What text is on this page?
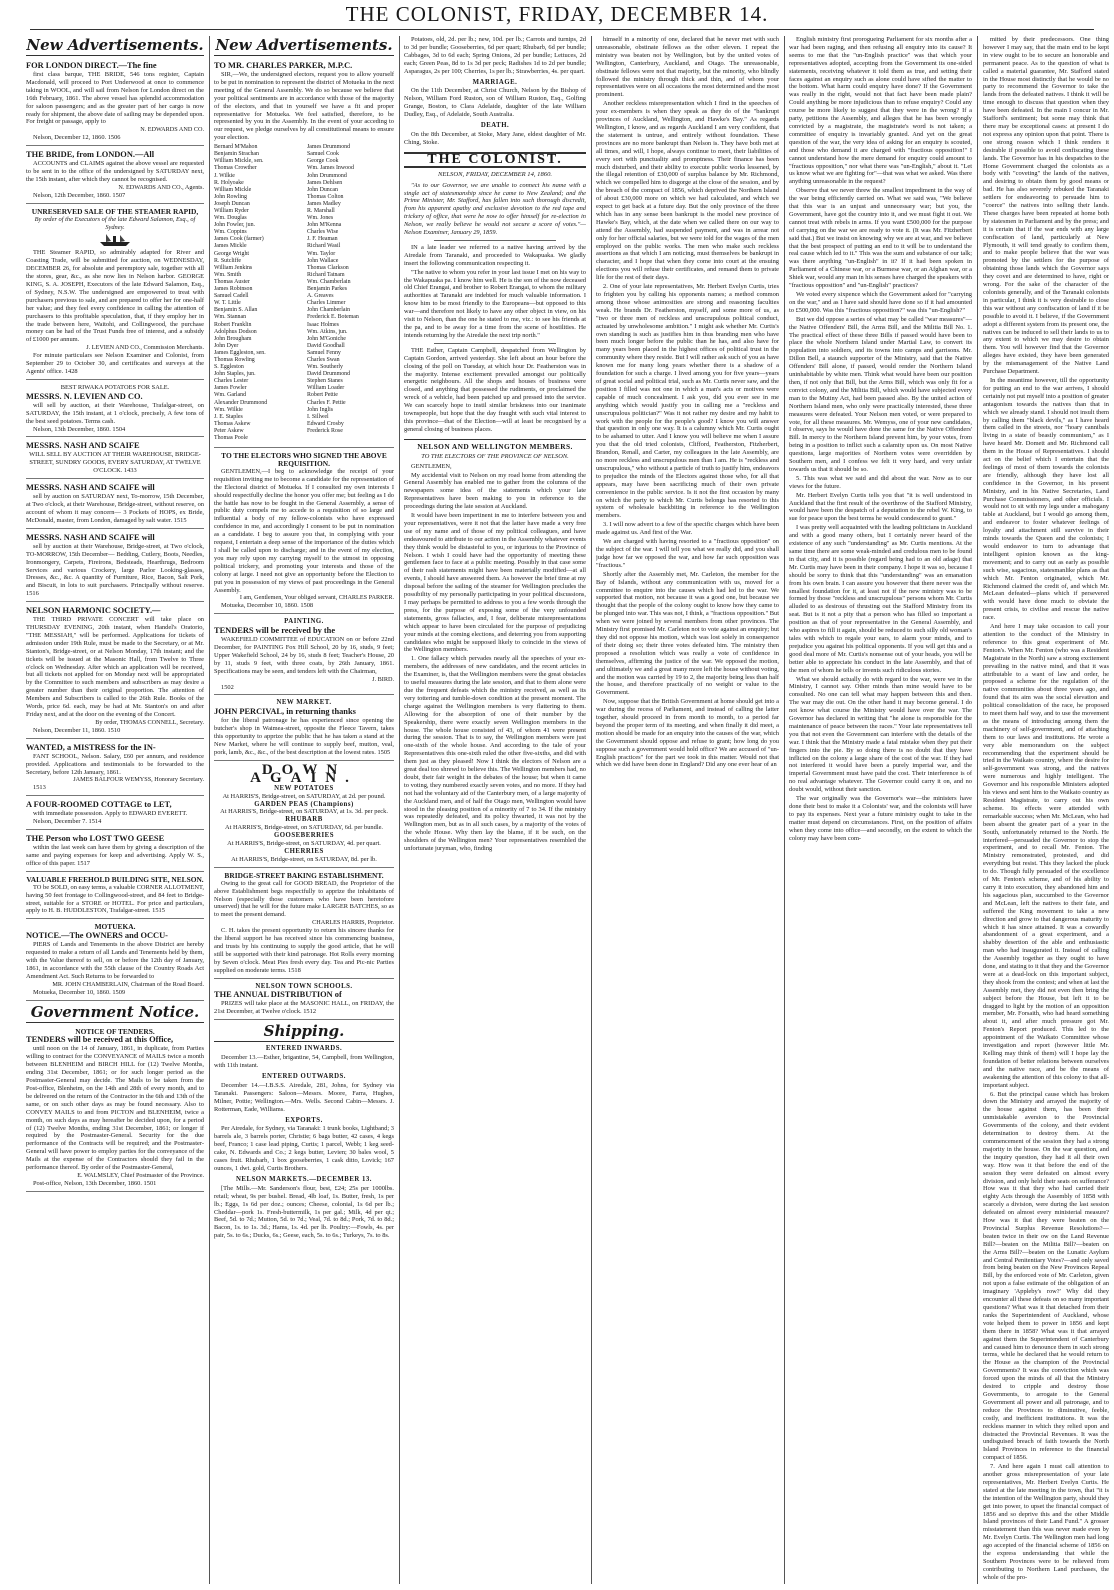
THE COLONIST, FRIDAY, DECEMBER 14.
New Advertisements.

FOR LONDON DIRECT.—The fine

first class barque, THE BRIDE, 546 tons register, Captain Macdonald, will proceed to Port Underwood at once to commence taking in WOOL, and will sail from Nelson for London direct on the 16th February, 1861. The above vessel has splendid accommodation for saloon passengers; and as the greater part of her cargo is now ready for shipment, the above date of sailing may be depended upon. For freight or passage, apply to

N. EDWARDS AND CO.

Nelson, December 12, 1860. 1506

THE BRIDE, from LONDON.—All

ACCOUNTS and CLAIMS against the above vessel are requested to be sent in to the office of the undersigned by SATURDAY next, the 15th instant, after which they cannot be recognised.

N. EDWARDS AND CO., Agents.

Nelson, 12th December, 1860. 1507

UNRESERVED SALE OF THE STEAMER RAPID,

By order of the Executors of the late Edward Salamon, Esq., of Sydney.

THE Steamer RAPID, so admirably adapted for River and Coasting Trade, will be submitted for auction, on WEDNESDAY, DECEMBER 26, for absolute and peremptory sale, together with all the stores, gear, &c., as she now lies in Nelson harbor. GEORGE KING, S. A. JOSEPH, Executors of the late Edward Salamon, Esq., of Sydney, N.S.W. The undersigned are empowered to treat with purchasers previous to sale, and are prepared to offer her for one-half her value; and they feel every confidence in calling the attention of purchasers to this profitable speculation, that, if they employ her in the trade between here, Waitohi, and Collingwood, the purchase money can be had of the Trust Funds free of interest, and a subsidy of £1000 per annum.

J. LEVIEN AND CO., Commission Merchants.

For minute particulars see Nelson Examiner and Colonist, from September 29 to October 30, and certificates and surveys at the Agents' office. 1428

BEST RIWAKA POTATOES FOR SALE.

MESSRS. N. LEVIEN AND CO.

will sell by auction, at their Warehouse, Trafalgar-street, on SATURDAY, the 15th instant, at 1 o'clock, precisely, A few tons of the best seed potatoes. Terms cash.

Nelson, 13th December, 1860. 1504

MESSRS. NASH AND SCAIFE

WILL SELL BY AUCTION AT THEIR WAREHOUSE, BRIDGE-STREET, SUNDRY GOODS, EVERY SATURDAY, AT TWELVE O'CLOCK. 1433

MESSRS. NASH AND SCAIFE will

sell by auction on SATURDAY next, To-morrow, 15th December, at Two o'clock, at their Warehouse, Bridge-street, without reserve, on account of whom it may concern— 3 Pockets of HOPS, ex Bride, McDonald, master, from London, damaged by salt water. 1515

MESSRS. NASH AND SCAIFE will

sell by auction at their Warehouse, Bridge-street, at Two o'clock, TO-MORROW, 15th December— Bedding, Cutlery, Boots, Needles, Ironmongery, Carpets, Fireirons, Bedsteads, Hearthrugs, Bedroom Services and various Crockery, large Parlor Looking-glasses, Dresses, &c., &c. A quantity of Furniture, Rice, Bacon, Salt Pork, and Biscuit, in lots to suit purchasers. Principally without reserve. 1516

NELSON HARMONIC SOCIETY.—

THE THIRD PRIVATE CONCERT will take place on THURSDAY EVENING, 20th instant, when Handel's Oratorio, "THE MESSIAH," will be performed. Applications for tickets of admission under 19th Rule, must be made to the Secretary, or at Mr. Stanton's, Bridge-street, or at Nelson Monday, 17th instant; and the tickets will be issued at the Masonic Hall, from Twelve to Three o'clock on Wednesday. After which an application will be received, but all tickets not applied for on Monday next will be appropriated by the Committee to such members and subscribers as may desire a greater number than their original proportion. The attention of Members and Subscribers is called to the 26th Rule. Books of the Words, price 6d. each, may be had at Mr. Stanton's on and after Friday next, and at the door on the evening of the Concert.

By order, THOMAS CONNELL, Secretary.

Nelson, December 11, 1860. 1510

WANTED, a MISTRESS for the IN-

FANT SCHOOL, Nelson. Salary, £60 per annum, and residence provided. Applications and testimonials to be forwarded to the Secretary, before 12th January, 1861.

JAMES BALFOUR WEMYSS, Honorary Secretary.

1513

A FOUR-ROOMED COTTAGE to LET,

with immediate possession. Apply to EDWARD EVERETT.

Nelson, December 7. 1514

THE Person who LOST TWO GEESE

within the last week can have them by giving a description of the same and paying expenses for keep and advertising. Apply W. S., office of this paper. 1517

VALUABLE FREEHOLD BUILDING SITE, NELSON.

TO be SOLD, on easy terms, a valuable CORNER ALLOTMENT, having 50 feet frontage to Collingwood-street, and 84 feet to Bridge-street, suitable for a STORE or HOTEL. For price and particulars, apply to H. B. HUDDLESTON, Trafalgar-street. 1515

MOTUEKA.

NOTICE.—The OWNERS and OCCU-

PIERS of Lands and Tenements in the above District are hereby requested to make a return of all Lands and Tenements held by them, with the Value thereof to sell, on or before the 12th day of January, 1861, in accordance with the 55th clause of the Country Roads Act Amendment Act. Such Returns to be forwarded to

MR. JOHN CHAMBERLAIN, Chairman of the Road Board.

Motueka, December 10, 1860. 1509

Government Notice.

NOTICE OF TENDERS.

TENDERS will be received at this Office,

until noon on the 14 of January, 1861, in duplicate, from Parties willing to contract for the CONVEYANCE of MAILS twice a month between BLENHEIM and BIRCH HILL for (12) Twelve Months, ending 31st December, 1861; or for such longer period as the Postmaster-General may decide. The Mails to be taken from the Post-office, Blenheim, on the 14th and 28th of every month, and to be delivered on the return of the Contractor in the 6th and 13th of the same, or on such other days as may be found necessary. Also to CONVEY MAILS to and from PICTON and BLENHEIM, twice a month, on such days as may hereafter be decided upon, for a period of (12) Twelve Months, ending 31st December, 1861; or longer if required by the Postmaster-General. Security for the due performance of the Contracts will be required; and the Postmaster-General will have power to employ parties for the conveyance of the Mails at the expense of the Contractors should they fail in the performance thereof. By order of the Postmaster-General,

E. WALMSLEY, Chief Postmaster of the Province.

Post-office, Nelson, 13th December, 1860. 1501

New Advertisements.

TO MR. CHARLES PARKER, M.P.C.

SIR,—We, the undersigned electors, request you to allow yourself to be put in nomination to represent the district of Motueka in the next meeting of the General Assembly. We do so because we believe that your political sentiments are in accordance with those of the majority of the electors, and that in yourself we have a fit and proper representative for Motueka. We feel satisfied, therefore, to be represented by you in the Assembly. In the event of your acceding to our request, we pledge ourselves by all constitutional means to ensure your election.

Bernard M'Mahon
Benjamin Strachan
William Mickle, sen.
Thomas Crowther
J. Wilkie
R. Holyoake
William Mickle
John Rowling
Joseph Duncan
William Ryder
Wm. Douglas
John Fowler, jun.
Wm. Coppins
James Cook (farmer)
James Mickle
George Wright
R. Sutcliffe
William Jenkins
Wm. Smith
Thomas Auster
James Robinson
Samuel Cadell
W. T. Little
Benjamin S. Allan
Wm. Stannan
Robert Franklin
Adolphus Dodson
John Brougham
John Dyer
James Eggleston, sen.
Thomas Rowling
S. Eggleston
John Staples, jun.
Charles Lester
James Fowler
Wm. Garland
Alexander Drummond
Wm. Wilkie
J. E. Staples
Thomas Askew
Peter Askew
Thomas Poole
James Drummond
Samuel Cook
George Cook
Wm. James Inwood
John Drummond
James Dehlsen
John Duncan
Thomas Colton
James Madley
R. Marshall
Wm. Jones
John M'Kenna
Charles Wise
J. F. Heaman
Richard Wasil
Wm. Taylor
John Wallace
Thomas Clarkson
Richard Tatnam
Wm. Chamberlain
Benjamin Parkes
A. Greaves
Charles Limmer
John Chamberlain
Frederick E. Boteman
Isaac Holmes
Wm. Atkins, jun.
John M'Goniche
David Goodhall
Samuel Fenny
Charles Swan
Wm. Southerly
David Drummond
Stephen Stanes
William Loader
Robert Pettie
Charles F. Pettie
John Inglis
I. Sillwel
Edward Crosby
Frederick Rose

TO THE ELECTORS WHO SIGNED THE ABOVE REQUISITION.

GENTLEMEN,—I beg to acknowledge the receipt of your requisition inviting me to become a candidate for the representation of the Electoral district of Motueka. If I consulted my own interests I should respectfully decline the honor you offer me; but feeling as I do the battle has now to be fought in the General Assembly, a sense of public duty compels me to accede to a requisition of so large and influential a body of my fellow-colonists who have expressed confidence in me, and accordingly I consent to be put in nomination as a candidate. I beg to assure you that, in complying with your request, I entertain a deep sense of the importance of the duties which I shall be called upon to discharge; and in the event of my election, you may rely upon my carrying myself to the utmost in opposing political trickery, and promoting your interests and those of the colony at large. I need not give an opportunity before the Election to put you in possession of my views of past proceedings in the General Assembly.

I am, Gentlemen, Your obliged servant, CHARLES PARKER.

Motueka, December 10, 1860. 1508

PAINTING.

TENDERS will be received by the

WAKEFIELD COMMITTEE of EDUCATION on or before 22nd December, for PAINTING Fox Hill School, 20 by 16, studs, 9 feet; Upper Wakefield School, 24 by 16, studs 8 feet; Teacher's House, 20 by 11, studs 9 feet, with three coats, by 26th January, 1861. Specifications may be seen, and tenders left with the Chairman,

J. BIRD.

1502

NEW MARKET.

JOHN PERCIVAL, in returning thanks

for the liberal patronage he has experienced since opening the butcher's shop in Waimea-street, opposite the Fleece Tavern, takes this opportunity to apprize the public that he has taken a stand at the New Market, where he will continue to supply beef, mutton, veal, pork, lamb, &c., &c., of the best description at the lowest rates. 1505

DOWN AGAIN.

NEW POTATOES

At HARRIS'S, Bridge-street, on SATURDAY, at 2d. per pound.

GARDEN PEAS (Champions)

At HARRIS'S, Bridge-street, on SATURDAY, at 1s. 3d. per peck.

RHUBARB

At HARRIS'S, Bridge-street, on SATURDAY, 6d. per bundle.

GOOSEBERRIES

At HARRIS'S, Bridge-street, on SATURDAY, 4d. per quart.

CHERRIES

At HARRIS'S, Bridge-street, on SATURDAY, 8d. per lb.

BRIDGE-STREET BAKING ESTABLISHMENT.

Owing to the great call for GOOD BREAD, the Proprietor of the above Establishment begs respectfully to apprize the inhabitants of Nelson (especially those customers who have been heretofore unserved) that he will for the future make LARGER BATCHES, so as to meet the present demand.

CHARLES HARRIS, Proprietor.

C. H. takes the present opportunity to return his sincere thanks for the liberal support he has received since his commencing business, and trusts by his continuing to supply the good article, that he will still be supported with their kind patronage. Hot Rolls every morning by Seven o'clock. Meat Pies fresh every day. Tea and Pic-nic Parties supplied on moderate terms. 1518

NELSON TOWN SCHOOLS.

THE ANNUAL DISTRIBUTION of

PRIZES will take place at the MASONIC HALL, on FRIDAY, the 21st December, at Twelve o'clock. 1512

Shipping.

ENTERED INWARDS.

December 13.—Esther, brigantine, 54, Campbell, from Wellington, with 11th instant.

ENTERED OUTWARDS.

December 14.—I.B.S.S. Airedale, 281, Johns, for Sydney via Taranaki. Passengers: Saloon—Messrs. Moore, Farra, Hughes, Milner, Pottie; Wellington.—Mrs. Wells. Second Cabin—Messrs. J. Rotterman, Eade, Williams.

EXPORTS.

Per Airedale, for Sydney, via Taranaki: 1 trunk books, Lightband; 3 barrels ale, 3 barrels porter, Christie; 6 bags butter, 42 cases, 4 kegs beef, Franco; 1 case lead piping, Curtis; 1 parcel, Webb; 1 keg seed-cake, N. Edwards and Co.; 2 kegs butter, Levien; 30 bales wool, 5 cases fruit. Rhubarb, 1 box gooseberries, 1 cask ditto, Lovick; 167 ounces, 1 dwt. gold, Curtis Brothers.

NELSON MARKETS.—DECEMBER 13.

[The Mills.—Mr. Sanderson's flour, best, £24; 25s per 1000lbs. retail; wheat, 9s per bushel. Bread, 4lb loaf, 1s. Butter, fresh, 1s per lb.; Eggs, 1s 6d per doz.; ounces; Cheese, colonial, 1s 6d per lb.; Cheddar—pork 1s. Fresh-buttermilk, 1s per gal.; Milk, 4d per qt.; Beef, 5d. to 7d.; Mutton, 5d. to 7d.; Veal, 7d. to 8d.; Pork, 7d. to 8d.; Bacon, 1s. to 1s. 3d.; Hams, 1s. 4d. per lb. Poultry:—Fowls, 4s. per pair, 5s. to 6s.; Ducks, 6s.; Geese, each, 5s. to 6s.; Turkeys, 7s. to 8s.

Potatoes, old, 2d. per lb.; new, 10d. per lb.; Carrots and turnips, 2d to 3d per bundle; Gooseberries, 6d per quart; Rhubarb, 6d per bundle; Cabbages, 3d to 6d each; Spring Onions, 2d per bundle; Lettuces, 2d each; Green Peas, 8d to 1s 3d per peck; Radishes 1d to 2d per bundle; Asparagus, 2s per 100; Cherries, 1s per lb.; Strawberries, 4s. per quart.

MARRIAGE.

On the 11th December, at Christ Church, Nelson by the Bishop of Nelson, William Ford Ruston, son of William Ruston, Esq., Golfing Grange, Boston, to Clara Adelaide, daughter of the late William Dudley, Esq., of Adelaide, South Australia.

DEATH.

On the 8th December, at Stoke, Mary Jane, eldest daughter of Mr. Ching, Stoke.

THE COLONIST.
NELSON, FRIDAY, DECEMBER 14, 1860.

"As to our Governor, we are unable to connect his name with a single act of statesmanship since he came to New Zealand; and the Prime Minister, Mr. Stafford, has fallen into such thorough discredit, from his apparent apathy and exclusive devotion to the red tape and trickery of office, that were he now to offer himself for re-election in Nelson, we really believe he would not secure a score of votes."—Nelson Examiner, January 29, 1859.

IN a late leader we referred to a native having arrived by the Airedale from Taranaki, and proceeded to Wakapuaka. We gladly insert the following communication respecting it.

"The native to whom you refer in your last issue I met on his way to the Wakapuaka pa. I know him well. He is the son of the now deceased old Chief Erangai, and brother to Robert Erangai, to whom the military authorities at Taranaki are indebted for much valuable information. I know him to be most friendly to the Europeans—but opposed to this war—and therefore not likely to have any other object in view, on his visit to Nelson, than the one he stated to me, viz.: to see his friends at the pa, and to be away for a time from the scene of hostilities. He intends returning by the Airedale the next trip north."

THE Esther, Captain Campbell, despatched from Wellington by Captain Gordon, arrived yesterday. She left about an hour before the closing of the poll on Tuesday, at which hour Dr. Featherston was in the majority. Intense excitement prevailed amongst our politically energetic neighbours. All the shops and houses of business were closed, and anything that possessed the rudiments, or proclaimed the wreck of a vehicle, had been patched up and pressed into the service. We can scarcely hope to instil similar briskness into our inanimate townspeople, but hope that the day fraught with such vital interest to this province—that of the Election—will at least be recognised by a general closing of business places.

NELSON AND WELLINGTON MEMBERS.
TO THE ELECTORS OF THE PROVINCE OF NELSON.

GENTLEMEN,

My accidental visit to Nelson on my road home from attending the General Assembly has enabled me to gather from the columns of the newspapers some idea of the statements which your late Representatives have been making to you in reference to the proceedings during the late session at Auckland.

It would have been impertinent in me to interfere between you and your representatives, were it not that the latter have made a very free use of my name and of those of my political colleagues, and have endeavoured to attribute to our action in the Assembly whatever events they think would be distasteful to you, or injurious to the Province of Nelson. I wish I could have had the opportunity of meeting these gentlemen face to face at a public meeting. Possibly in that case some of their rash statements might have been materially modified—at all events, I should have answered them. As however the brief time at my disposal before the sailing of the steamer for Wellington precludes the possibility of my personally participating in your political discussions, I may perhaps be permitted to address to you a few words through the press, for the purpose of exposing some of the very unfounded statements, gross fallacies, and, I fear, deliberate misrepresentations which appear to have been circulated for the purpose of prejudicing your minds at the coming elections, and deterring you from supporting candidates who might be supposed likely to coincide in the views of the Wellington members.

1. One fallacy which pervades nearly all the speeches of your ex-members, the addresses of new candidates, and the recent articles in the Examiner, is, that the Wellington members were the great obstacles to useful measures during the late session, and that to them alone were due the frequent defeats which the ministry received, as well as its very tottering and tumble-down condition at the present moment. The charge against the Wellington members is very flattering to them. Allowing for the absorption of one of their number by the Speakership, there were exactly seven Wellington members in the house. The whole house consisted of 43, of whom 41 were present during the session. That is to say, the Wellington members were just one-sixth of the whole house. And according to the tale of your Representatives this one-sixth ruled the other five-sixths, and did with them just as they pleased! Now I think the electors of Nelson are a great deal too shrewd to believe this. The Wellington members had, no doubt, their fair weight in the debates of the house; but when it came to voting, they numbered exactly seven votes, and no more. If they had not had the voluntary aid of the Canterbury men, of a large majority of the Auckland men, and of half the Otago men, Wellington would have stood in the pleasing position of a minority of 7 to 34. If the ministry was repeatedly defeated, and its policy thwarted, it was not by the Wellington men, but as in all such cases, by a majority of the votes of the whole House. Why then lay the blame, if it be such, on the shoulders of the Wellington men? Your representatives resembled the unfortunate juryman, who, finding

himself in a minority of one, declared that he never met with such unreasonable, obstinate fellows as the other eleven. I repeat the ministry was beaten not by Wellington, but by the united votes of Wellington, Canterbury, Auckland, and Otago. The unreasonable, obstinate fellows were not that majority, but the minority, who blindly followed the ministry through thick and thin, and of whom your representatives were on all occasions the most determined and the most prominent.

Another reckless misrepresentation which I find in the speeches of your ex-members is when they speak as they do of the "bankrupt provinces of Auckland, Wellington, and Hawke's Bay." As regards Wellington, I know, and as regards Auckland I am very confident, that the statement is untrue, and entirely without foundation. These provinces are no more bankrupt than Nelson is. They have both met at all times, and will, I hope, always continue to meet, their liabilities of every sort with punctuality and promptness. Their finance has been much disturbed, and their ability to execute public works lessened, by the illegal retention of £30,000 of surplus balance by Mr. Richmond, which we compelled him to disgorge at the close of the session, and by the breach of the compact of 1856, which deprived the Northern Island of about £30,000 more on which we had calculated, and which we expect to get back at a future day. But the only province of the three which has in any sense been bankrupt is the model new province of Hawke's Bay, which, at the date when we called there on our way to attend the Assembly, had suspended payment, and was in arrear not only for her official salaries, but we were told for the wages of the men employed on the public works. The men who make such reckless assertions as that which I am noticing, must themselves be bankrupt in character, and I hope that when they come into court at the ensuing elections you will refuse their certificates, and remand them to private life for the rest of their days.

2. One of your late representatives, Mr. Herbert Evelyn Curtis, tries to frighten you by calling his opponents names; a method common among those whose animosities are strong and reasoning faculties weak. He brands Dr. Featherston, myself, and some more of us, as "two or three men of reckless and unscrupulous political conduct, actuated by unwholesome ambition." I might ask whether Mr. Curtis's own standing is such as justifies him in thus branding men who have been much longer before the public than he has, and also have for many years been placed in the highest offices of political trust in the community where they reside. But I will rather ask such of you as have known me for many long years whether there is a shadow of a foundation for such a charge. I lived among you for five years—years of great social and political trial, such as Mr. Curtis never saw, and the position I filled was not one in which a man's acts or motives were capable of much concealment. I ask you, did you ever see in me anything which would justify you in calling me a "reckless and unscrupulous politician?" Was it not rather my desire and my habit to work with the people for the people's good? I know you will answer that question in only one way. It is a calumny which Mr. Curtis ought to be ashamed to utter. And I know you will believe me when I assure you that the old tried colonists, Clifford, Featherston, Fitzherbert, Brandon, Renall, and Carter, my colleagues in the late Assembly, are no more reckless and unscrupulous men than I am. He is "reckless and unscrupulous," who without a particle of truth to justify him, endeavors to prejudice the minds of the Electors against those who, for all that appears, may have been sacrificing much of their own private convenience in the public service. Is it not the first occasion by many on which the party to which Mr. Curtis belongs has resorted to this system of wholesale backbiting in reference to the Wellington members.

3. I will now advert to a few of the specific charges which have been made against us. And first of the War.

We are charged with having resorted to a "fractious opposition" on the subject of the war. I will tell you what we really did, and you shall judge how far we opposed the war, and how far such opposition was "fractious."

Shortly after the Assembly met, Mr. Carleton, the member for the Bay of Islands, without any communication with us, moved for a committee to enquire into the causes which had led to the war. We supported that motion, not because it was a good one, but because we thought that the people of the colony ought to know how they came to be plunged into war. This was not, I think, a "fractious opposition." But when we were joined by several members from other provinces. The Ministry first promised Mr. Carleton not to vote against an enquiry; but they did not oppose his motion, which was lost solely in consequence of their doing so; their three votes defeated him. The ministry then proposed a resolution which was really a vote of confidence in themselves, affirming the justice of the war. We opposed the motion, and ultimately we and a great many more left the house without voting, and the motion was carried by 19 to 2, the majority being less than half the house, and therefore practically of no weight or value to the Government.

Now, suppose that the British Government at home should get into a war during the recess of Parliament, and instead of calling the latter together, should proceed in from month to month, to a period far beyond the proper term of its meeting, and when finally it did meet, a motion should be made for an enquiry into the causes of the war, which the Government should oppose and refuse to grant; how long do you suppose such a government would hold office? We are accused of "un-English practices" for the part we took in this matter. Would not that which we did have been done in England? Did any one ever hear of an

English ministry first prorogueing Parliament for six months after a war had been raging, and then refusing all enquiry into its cause? It seems to me that the "un-English practice" was that which your representatives adopted, accepting from the Government its one-sided statements, receiving whatever it told them as true, and setting their faces against an enquiry such as alone could have sifted the matter to the bottom. What harm could enquiry have done? If the Government was really in the right, would not that fact have been made plain? Could anything be more injudicious than to refuse enquiry? Could any course be more likely to suggest that they were in the wrong? If a party, petitions the Assembly, and alleges that he has been wrongly convicted by a magistrate, the magistrate's word is not taken; a committee of enquiry is invariably granted. And yet on the great question of the war, the very idea of asking for an enquiry is scouted, and those who demand it are charged with "fractious opposition!" I cannot understand how the mere demand for enquiry could amount to "fractious opposition," nor what there was "un-English," about it. "Let us know what we are fighting for"—that was what we asked. Was there anything unreasonable in the request?

Observe that we never threw the smallest impediment in the way of the war being efficiently carried on. What we said was, "We believe that this war is an unjust and unnecessary war; but you, the Government, have got the country into it, and we must fight it out. We cannot treat with rebels in arms. If you want £500,000 for the purpose of carrying on the war we are ready to vote it. (It was Mr. Fitzherbert said that.) But we insist on knowing why we are at war, and we believe that the best prospect of putting an end to it will be to understand the real cause which led to it." This was the sum and substance of our talk; was there anything "un-English" in it? If it had been spoken in Parliament of a Chinese war, or a Burmese war, or an Afghan war, or a Shiek war, would any man in his senses have charged the speakers with "fractious opposition" and "un-English" practices?

We voted every sixpence which the Government asked for "carrying on the war," and as I have said should have done so if it had amounted to £500,000. Was this "fractious opposition?" was this "un-English?"

But we did oppose a series of what may be called "war measures"—the Native Offenders' Bill, the Arms Bill, and the Militia Bill No. 1. The practical effect of these three Bills if passed would have been to place the whole Northern Island under Martial Law, to convert its population into soldiers, and its towns into camps and garrisons. Mr. Dillon Bell, a staunch supporter of the Ministry, said that the Native Offenders' Bill alone, if passed, would render the Northern Island uninhabitable by white men. Think what would have been our position then, if not only that Bill, but the Arms Bill, which was only fit for a convict colony, and the Militia Bill, which would have subjected every man to the Mutiny Act, had been passed also. By the united action of Northern Island men, who only were practically interested, these three measures were defeated. Your Nelson men voted, or were prepared to vote, for all these measures. Mr. Wemyss, one of your new candidates, I observe, says he would have done the same for the Native Offenders' Bill. In mercy to the Northern Island prevent him, by your votes, from being in a position to inflict such a calamity upon us. On most Native questions, large majorities of Northern votes were overridden by Southern men, and I confess we felt it very hard, and very unfair towards us that it should be so.

5. This was what we said and did about the war. Now as to our views for the future.

Mr. Herbert Evelyn Curtis tells you that "it is well understood in Auckland that the first result of the overthrow of the Stafford Ministry, would have been the despatch of a deputation to the rebel W. King, to sue for peace upon the best terms he would condescend to grant."

I was pretty well acquainted with the leading politicians in Auckland and with a good many others, but I certainly never heard of the existence of any such "understanding" as Mr. Curtis mentions. At the same time there are some weak-minded and credulous men to be found in that city, and it is possible (regard being had to an old adage) that Mr. Curtis may have been in their company. I hope it was so, because I should be sorry to think that this "understanding" was an emanation from his own brain. I can assure you however that there never was the smallest foundation for it, at least not if the new ministry was to be formed by those "reckless and unscrupulous" persons whom Mr. Curtis alluded to as desirous of thrusting out the Stafford Ministry from its seat. But is it not a pity that a person who has filled so important a position as that of your representative in the General Assembly, and who aspires to fill it again, should be reduced to such silly old woman's tales with which to regale your ears, to alarm your minds, and to prejudice you against his political opponents. If you will get this and a good deal more of Mr. Curtis's nonsense out of your heads, you will be better able to appreciate his conduct in the late Assembly, and that of the men of whom he tells or invents such ridiculous stories.

What we should actually do with regard to the war, were we in the Ministry, I cannot say. Other minds than mine would have to be consulted. No one can tell what may happen between this and then. The war may die out. On the other hand it may become general. I do not know what course the Ministry would have over the war. The Governor has declared in writing that "he alone is responsible for the maintenance of peace between the races." Your late representatives tell you that not even the Government can interfere with the details of the war. I think that the Ministry made a fatal mistake when they put their fingers into the pie. By so doing there is no doubt that they have inflicted on the colony a large share of the cost of the war. If they had not interfered it would have been a purely imperial war, and the imperial Government must have paid the cost. Their interference is of no real advantage whatever. The Governor could carry it on, and no doubt would, without their sanction.

The war originally was the Governor's war—the ministers have done their best to make it a Colonists' war, and the colonists will have to pay its expenses. Next year a future ministry ought to take in the matter must depend on circumstances. First, on the position of affairs when they come into office—and secondly, on the extent to which the colony may have been com-

mitted by their predecessors. One thing however I may say, that the main end to be kept in view ought to be to secure an honorable and permanent peace. As to the question of what is called a material guarantee, Mr. Stafford stated in the House most distinctly that he would be no party to recommend the Governor to take the lands from the defeated natives. I think it will be time enough to discuss that question when they have been defeated. In the main I concur in Mr. Stafford's sentiment; but some may think that there may be exceptional cases: at present I do not express any opinion upon that point. There is one strong reason which I think renders it desirable if possible to avoid confiscating these lands. The Governor has in his despatches to the Home Government charged the colonists as a body with "coveting" the lands of the natives, and desiring to obtain them by good means or bad. He has also severely rebuked the Taranaki settlers for endeavoring to persuade him to "coerce" the natives into selling their lands. These charges have been repeated at home both by statesmen in Parliament and by the press; and it is certain that if the war ends with any large confiscation of land, particularly at New Plymouth, it will tend greatly to confirm them, and to make people believe that the war was promoted by the settlers for the purpose of obtaining those lands which the Governor says they covet and are determined to have, right or wrong. For the sake of the character of the colonists generally, and of the Taranaki colonists in particular, I think it is very desirable to close this war without any confiscation of land if it be possible to avoid it. I believe, if the Government adopt a different system from its present one, the natives can be induced to sell their lands to us to any extent to which we may desire to obtain them. You will however find that the Governor alleges have existed, they have been generated by the mismanagement of the Native Land Purchase Department.

In the meantime however, till the opportunity for putting an end to the war arrives, I should certainly not put myself into a position of greater antagonism towards the natives than that in which we already stand. I should not insult them by calling them "black devils," as I have heard them called in the streets, nor "hoary cannibals living in a state of beastly communism," as I have heard Mr. Domett and Mr. Richmond call them in the House of Representatives. I should act on the belief which I entertain that the feelings of most of them towards the colonists are friendly, although they have lost all confidence in the Governor, in his present Ministry, and in his Native Secretaries, Land Purchase Commissioners, and other officials. I would not to sit with my legs under a mahogany table at Auckland, but I would go among them, and endeavor to foster whatever feelings of loyalty and attachment still survive in their minds towards the Queen and the colonists; I would endeavor to turn to advantage that intelligent opinion known as the king-movement; and to carry out as early as possible such wise, sagacious, statesmanlike plans as that which Mr. Fenton originated, which Mr. Richmond claimed the credit of, and which Mr. McLean defeated—plans which if persevered with would have done much to obviate the present crisis, to civilise and rescue the native race.

And here I may take occasion to call your attention to the conduct of the Ministry in reference to this great experiment of Mr. Fenton's. When Mr. Fenton (who was a Resident Magistrate in the North) saw a strong excitement prevailing in the native mind, and that it was attributable to a want of law and order, he proposed a scheme for the regulation of the native communities about three years ago, and found that its aim was the social elevation and political consolidation of the race, he proposed to meet them half way, and to use the movement as the means of introducing among them the machinery of self-government, and of attaching them to our laws and institutions. He wrote a very able memorandum on the subject recommending that the experiment should be tried in the Waikato country, where the desire for self-government was strong, and the natives were numerous and highly intelligent. The Governor and his responsible Ministers adopted his views and sent him to the Waikato country as Resident Magistrate, to carry out his own scheme. Its effects were attended with remarkable success; when Mr. McLean, who had been absent the greater part of a year in the South, unfortunately returned to the North. He interfered—persuaded the Governor to stop the experiment, and to recall Mr. Fenton. The Ministry remonstrated, protested, and did everything but resist. This they lacked the pluck to do. Though fully persuaded of the excellence of Mr. Fenton's scheme, and of his ability to carry it into execution, they abandoned him and his sagacious plan, succumbed to the Governor and McLean, left the natives to their fate, and suffered the King movement to take a new direction and grow to that dangerous maturity to which it has since attained. It was a cowardly abandonment of a great experiment, and a shabby desertion of the able and enthusiastic man who had inaugurated it. Instead of calling the Assembly together as they ought to have done, and stating to it that they and the Governor were at a dead-lock on this important subject, they shook from the contest; and when at last the Assembly met, they did not even then bring the subject before the House, but left it to be dragged to light by the motion of an opposition member, Mr. Forsaith, who had heard something about it, and after much pressure got Mr. Fenton's Report produced. This led to the appointment of the Waikato Committee whose investigation and report (however little Mr. Kelling may think of them) will I hope lay the foundation of better relations between ourselves and the native race, and be the means of awakening the attention of this colony to that all-important subject.

6. But the principal cause which has broken down the Ministry and arrayed the majority of the house against them, has been their unmistakable aversion to the Provincial Governments of the colony, and their evident determination to destroy them. At the commencement of the session they had a strong majority in the house. On the war question, and the inquiry question, they had it all their own way. How was it that before the end of the session they were defeated on almost every division, and only held their seats on sufferance? How was it that they who had carried their eighty Acts through the Assembly of 1858 with scarcely a division, were during the last session defeated on almost every ministerial measure? How was it that they were beaten on the Provincial Surplus Revenue Resolutions?—beaten twice in their ow on the Land Revenue Bill?—beaten on the Militia Bill?—beaten on the Arms Bill?—beaten on the Lunatic Asylum and Central Penitentiary Votes?—and only saved from being beaten on the New Provinces Repeal Bill, by the enforced vote of Mr. Carleton, given not upon a false estimate of the obligation of an imaginary 'Appleby's row?' Why did they encounter all these defeats on so many important questions? What was it that detached from their ranks the Superintendent of Auckland, whose vote helped them to power in 1856 and kept them there in 1858? What was it that arrayed against them the Superintendent of Canterbury and caused him to denounce them in such strong terms, while he declared that he would return to the House as the champion of the Provincial Governments? It was the conviction which was forced upon the minds of all that the Ministry desired to cripple and destroy those Governments, to arrogate to the General Government all power and all patronage, and to reduce the Provinces to diminutive, feeble, costly, and inefficient institutions. It was the reckless manner in which they relied upon and distracted the Provincial Revenues. It was the undisguised breach of faith towards the North Island Provinces in reference to the financial compact of 1856.

7. And here again I must call attention to another gross misrepresentation of your late representatives, Mr. Herbert Evelyn Curtis. He stated at the late meeting in the town, that "it is the intention of the Wellington party, should they get into power, to upset the financial compact of 1856 and so deprive this and the other Middle Island provinces of their Land Fund." A grosser misstatement than this was never made even by Mr. Evelyn Curtis. The Wellington men had long ago accepted of the financial scheme of 1856 on the express understanding that while the Southern Provinces were to be relieved from contributing to Northern Land purchases, the whole of the pro-
